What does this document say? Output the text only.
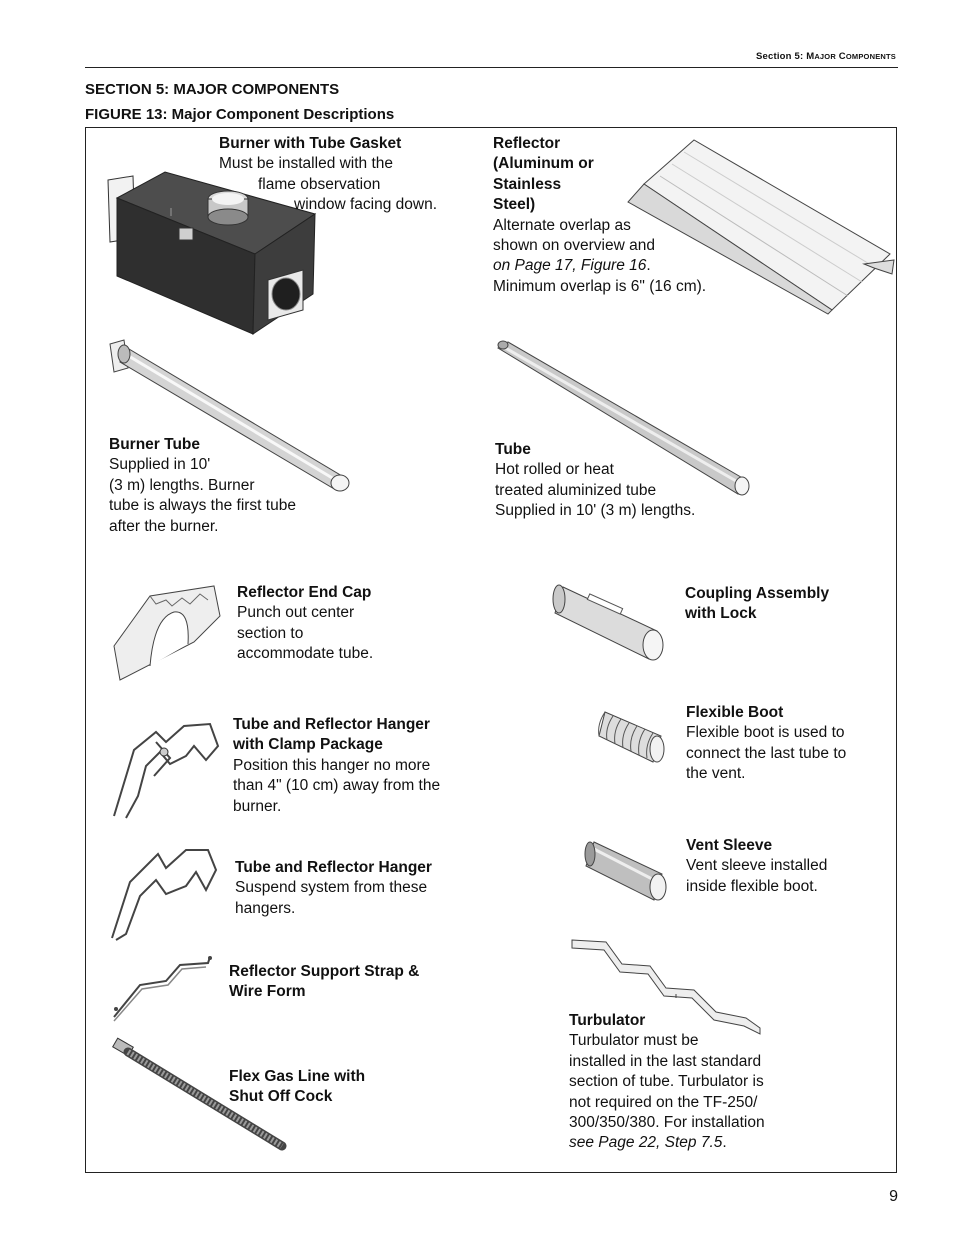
Section 5: MAJOR COMPONENTS
SECTION 5: MAJOR COMPONENTS
FIGURE 13: Major Component Descriptions
Burner with Tube Gasket
Must be installed with the
flame observation
window facing down.
Reflector
(Aluminum or
Stainless
Steel)
Alternate overlap as
shown on overview and
on Page 17, Figure 16.
Minimum overlap is 6" (16 cm).
Burner Tube
Supplied in 10'
(3 m) lengths. Burner
tube is always the first tube
after the burner.
Tube
Hot rolled or heat
treated aluminized tube
Supplied in 10' (3 m) lengths.
Reflector End Cap
Punch out center
section to
accommodate tube.
Coupling Assembly
with Lock
Tube and Reflector Hanger
with Clamp Package
Position this hanger no more
than 4" (10 cm) away from the
burner.
Flexible Boot
Flexible boot is used to
connect the last tube to
the vent.
Vent Sleeve
Vent sleeve installed
inside flexible boot.
Tube and Reflector Hanger
Suspend system from these
hangers.
Reflector Support Strap &
Wire Form
Turbulator
Turbulator must be
installed in the last standard
section of tube. Turbulator is
not required on the TF-250/
300/350/380. For installation
see Page 22, Step 7.5.
Flex Gas Line with
Shut Off Cock
9
